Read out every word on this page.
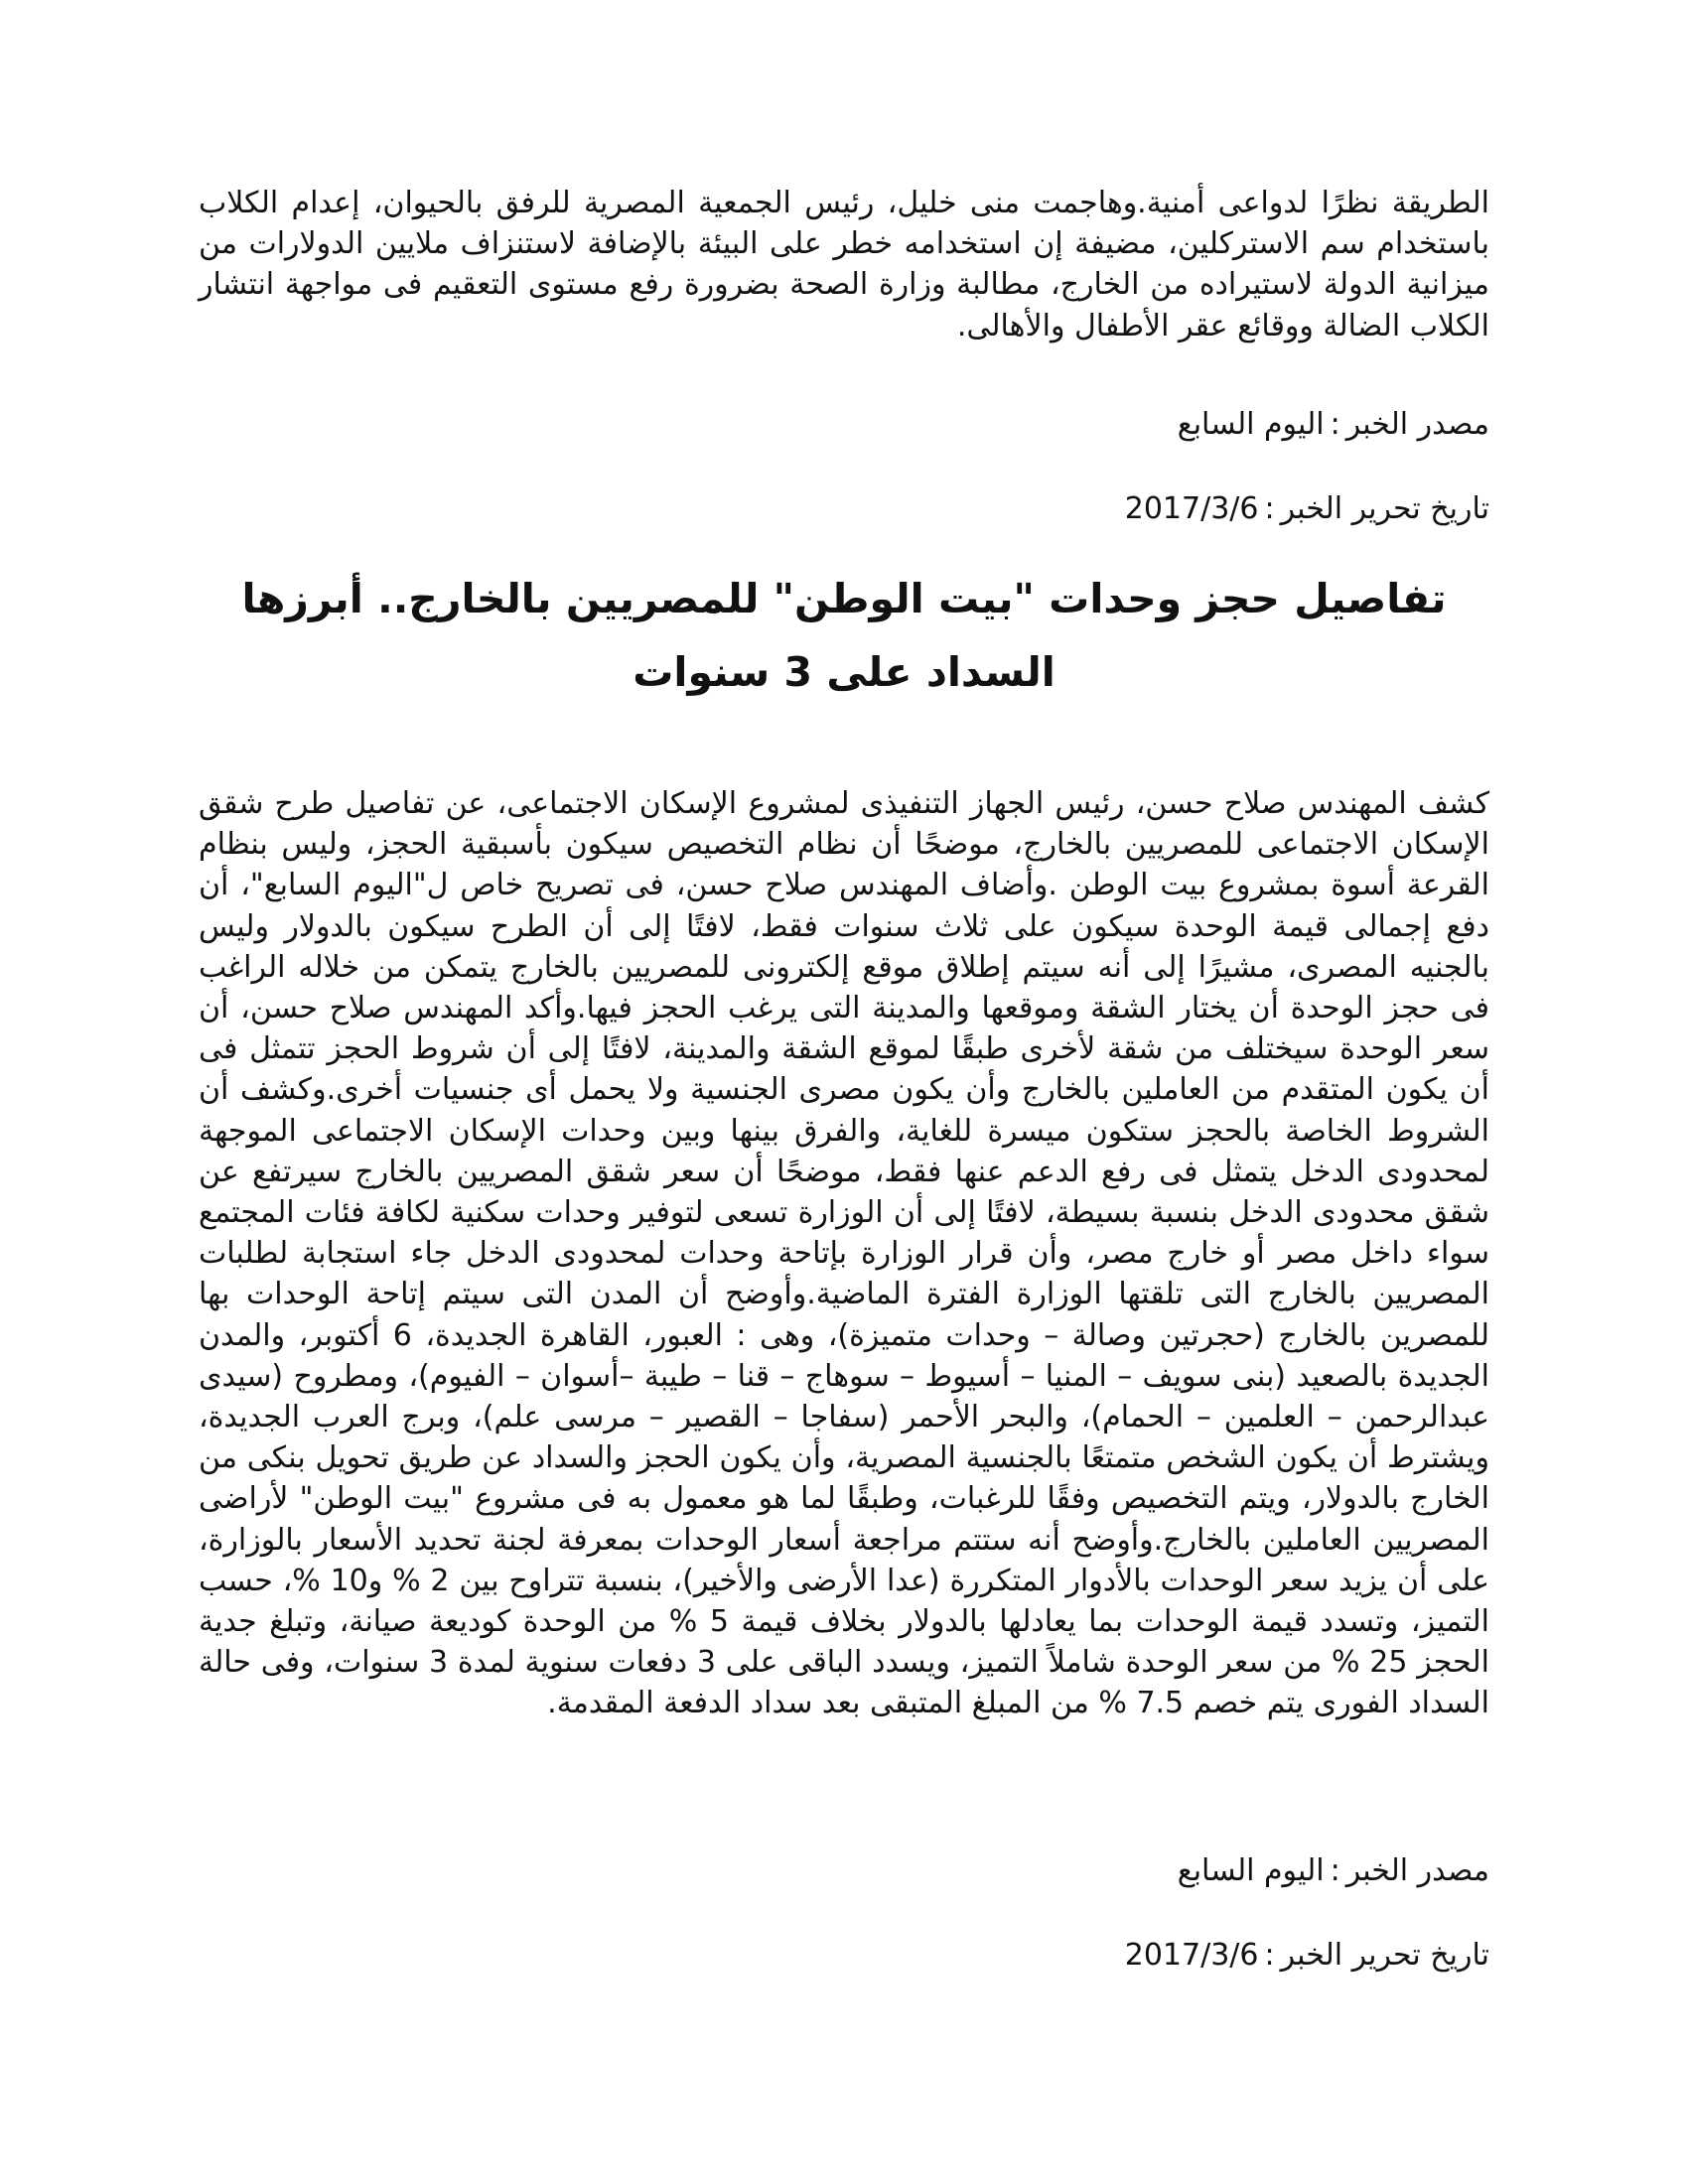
الطريقة نظرًا لدواعى أمنية.وهاجمت منى خليل، رئيس الجمعية المصرية للرفق بالحيوان، إعدام الكلاب باستخدام سم الاستركلين، مضيفة إن استخدامه خطر على البيئة بالإضافة لاستنزاف ملايين الدولارات من ميزانية الدولة لاستيراده من الخارج، مطالبة وزارة الصحة بضرورة رفع مستوى التعقيم فى مواجهة انتشار الكلاب الضالة ووقائع عقر الأطفال والأهالى.

مصدر الخبر:اليوم السابع
تاريخ تحرير الخبر:2017/3/6
تفاصيل حجز وحدات "بيت الوطن" للمصريين بالخارج.. أبرزها السداد على 3 سنوات

كشف المهندس صلاح حسن، رئيس الجهاز التنفيذى لمشروع الإسكان الاجتماعى، عن تفاصيل طرح شقق الإسكان الاجتماعى للمصريين بالخارج، موضحًا أن نظام التخصيص سيكون بأسبقية الحجز، وليس بنظام القرعة أسوة بمشروع بيت الوطن .وأضاف المهندس صلاح حسن، فى تصريح خاص ل"اليوم السابع"، أن دفع إجمالى قيمة الوحدة سيكون على ثلاث سنوات فقط، لافتًا إلى أن الطرح سيكون بالدولار وليس بالجنيه المصرى، مشيرًا إلى أنه سيتم إطلاق موقع إلكترونى للمصريين بالخارج يتمكن من خلاله الراغب فى حجز الوحدة أن يختار الشقة وموقعها والمدينة التى يرغب الحجز فيها.وأكد المهندس صلاح حسن، أن سعر الوحدة سيختلف من شقة لأخرى طبقًا لموقع الشقة والمدينة، لافتًا إلى أن شروط الحجز تتمثل فى أن يكون المتقدم من العاملين بالخارج وأن يكون مصرى الجنسية ولا يحمل أى جنسيات أخرى.وكشف أن الشروط الخاصة بالحجز ستكون ميسرة للغاية، والفرق بينها وبين وحدات الإسكان الاجتماعى الموجهة لمحدودى الدخل يتمثل فى رفع الدعم عنها فقط، موضحًا أن سعر شقق المصريين بالخارج سيرتفع عن شقق محدودى الدخل بنسبة بسيطة، لافتًا إلى أن الوزارة تسعى لتوفير وحدات سكنية لكافة فئات المجتمع سواء داخل مصر أو خارج مصر، وأن قرار الوزارة بإتاحة وحدات لمحدودى الدخل جاء استجابة لطلبات المصريين بالخارج التى تلقتها الوزارة الفترة الماضية.وأوضح أن المدن التى سيتم إتاحة الوحدات بها للمصرين بالخارج (حجرتين وصالة – وحدات متميزة)، وهى : العبور، القاهرة الجديدة، 6 أكتوبر، والمدن الجديدة بالصعيد (بنى سويف – المنيا – أسيوط – سوهاج – قنا – طيبة –أسوان – الفيوم)، ومطروح (سيدى عبدالرحمن – العلمين – الحمام)، والبحر الأحمر (سفاجا – القصير – مرسى علم)، وبرج العرب الجديدة، ويشترط أن يكون الشخص متمتعًا بالجنسية المصرية، وأن يكون الحجز والسداد عن طريق تحويل بنكى من الخارج بالدولار، ويتم التخصيص وفقًا للرغبات، وطبقًا لما هو معمول به فى مشروع "بيت الوطن" لأراضى المصريين العاملين بالخارج.وأوضح أنه ستتم مراجعة أسعار الوحدات بمعرفة لجنة تحديد الأسعار بالوزارة، على أن يزيد سعر الوحدات بالأدوار المتكررة (عدا الأرضى والأخير)، بنسبة تتراوح بين 2 % و10 %، حسب التميز، وتسدد قيمة الوحدات بما يعادلها بالدولار بخلاف قيمة 5 % من الوحدة كوديعة صيانة، وتبلغ جدية الحجز 25 % من سعر الوحدة شاملاً التميز، ويسدد الباقى على 3 دفعات سنوية لمدة 3 سنوات، وفى حالة السداد الفورى يتم خصم 7.5 % من المبلغ المتبقى بعد سداد الدفعة المقدمة.

مصدر الخبر:اليوم السابع
تاريخ تحرير الخبر:2017/3/6
